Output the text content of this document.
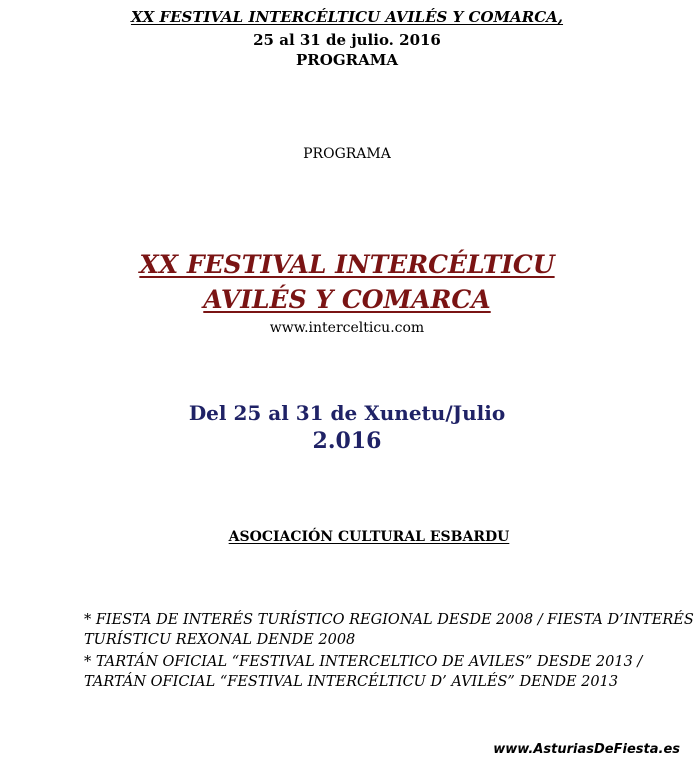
XX FESTIVAL INTERCÉLTICU AVILÉS Y COMARCA,
25 al 31 de julio. 2016
PROGRAMA
PROGRAMA
XX FESTIVAL INTERCÉLTICU
AVILÉS Y COMARCA
www.interceltic​u.com
Del 25 al 31 de Xunetu/Julio
2.016
ASOCIACIÓN CULTURAL ESBARDU
* FIESTA DE INTERÉS TURÍSTICO REGIONAL DESDE 2008 / FIESTA D’INTERÉS
TURÍSTICU REXONAL DENDE 2008
* TARTÁN OFICIAL “FESTIVAL INTERCELTICO DE AVILES” DESDE 2013 /
TARTÁN OFICIAL “FESTIVAL INTERCÉLTICU D’ AVILÉS” DENDE 2013
www.AsturiasDeFiesta.es
